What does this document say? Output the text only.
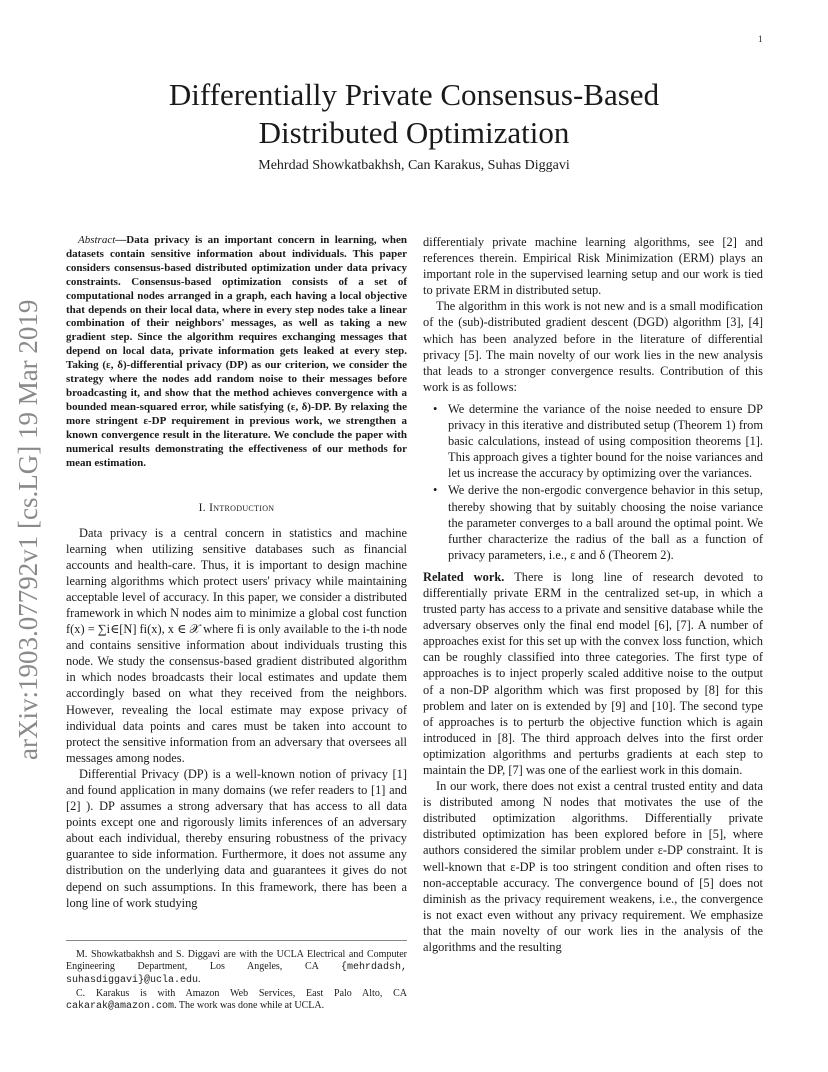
1
arXiv:1903.07792v1 [cs.LG] 19 Mar 2019
Differentially Private Consensus-Based
Distributed Optimization
Mehrdad Showkatbakhsh, Can Karakus, Suhas Diggavi

Abstract—Data privacy is an important concern in learning, when datasets contain sensitive information about individuals. This paper considers consensus-based distributed optimization under data privacy constraints. Consensus-based optimization consists of a set of computational nodes arranged in a graph, each having a local objective that depends on their local data, where in every step nodes take a linear combination of their neighbors' messages, as well as taking a new gradient step. Since the algorithm requires exchanging messages that depend on local data, private information gets leaked at every step. Taking (ε, δ)-differential privacy (DP) as our criterion, we consider the strategy where the nodes add random noise to their messages before broadcasting it, and show that the method achieves convergence with a bounded mean-squared error, while satisfying (ε, δ)-DP. By relaxing the more stringent ε-DP requirement in previous work, we strengthen a known convergence result in the literature. We conclude the paper with numerical results demonstrating the effectiveness of our methods for mean estimation.

I. Introduction

Data privacy is a central concern in statistics and machine learning when utilizing sensitive databases such as financial accounts and health-care. Thus, it is important to design machine learning algorithms which protect users' privacy while maintaining acceptable level of accuracy. In this paper, we consider a distributed framework in which N nodes aim to minimize a global cost function f(x) = ∑i∈[N] fi(x), x ∈ 𝒳 where fi is only available to the i-th node and contains sensitive information about individuals trusting this node. We study the consensus-based gradient distributed algorithm in which nodes broadcasts their local estimates and update them accordingly based on what they received from the neighbors. However, revealing the local estimate may expose privacy of individual data points and cares must be taken into account to protect the sensitive information from an adversary that oversees all messages among nodes.

Differential Privacy (DP) is a well-known notion of privacy [1] and found application in many domains (we refer readers to [1] and [2] ). DP assumes a strong adversary that has access to all data points except one and rigorously limits inferences of an adversary about each individual, thereby ensuring robustness of the privacy guarantee to side information. Furthermore, it does not assume any distribution on the underlying data and guarantees it gives do not depend on such assumptions. In this framework, there has been a long line of work studying

differentialy private machine learning algorithms, see [2] and references therein. Empirical Risk Minimization (ERM) plays an important role in the supervised learning setup and our work is tied to private ERM in distributed setup.

The algorithm in this work is not new and is a small modification of the (sub)-distributed gradient descent (DGD) algorithm [3], [4] which has been analyzed before in the literature of differential privacy [5]. The main novelty of our work lies in the new analysis that leads to a stronger convergence results. Contribution of this work is as follows:

• We determine the variance of the noise needed to ensure DP privacy in this iterative and distributed setup (Theorem 1) from basic calculations, instead of using composition theorems [1]. This approach gives a tighter bound for the noise variances and let us increase the accuracy by optimizing over the variances.
• We derive the non-ergodic convergence behavior in this setup, thereby showing that by suitably choosing the noise variance the parameter converges to a ball around the optimal point. We further characterize the radius of the ball as a function of privacy parameters, i.e., ε and δ (Theorem 2).

Related work. There is long line of research devoted to differentially private ERM in the centralized set-up, in which a trusted party has access to a private and sensitive database while the adversary observes only the final end model [6], [7]. A number of approaches exist for this set up with the convex loss function, which can be roughly classified into three categories. The first type of approaches is to inject properly scaled additive noise to the output of a non-DP algorithm which was first proposed by [8] for this problem and later on is extended by [9] and [10]. The second type of approaches is to perturb the objective function which is again introduced in [8]. The third approach delves into the first order optimization algorithms and perturbs gradients at each step to maintain the DP, [7] was one of the earliest work in this domain.

In our work, there does not exist a central trusted entity and data is distributed among N nodes that motivates the use of the distributed optimization algorithms. Differentially private distributed optimization has been explored before in [5], where authors considered the similar problem under ε-DP constraint. It is well-known that ε-DP is too stringent condition and often rises to non-acceptable accuracy. The convergence bound of [5] does not diminish as the privacy requirement weakens, i.e., the convergence is not exact even without any privacy requirement. We emphasize that the main novelty of our work lies in the analysis of the algorithms and the resulting

M. Showkatbakhsh and S. Diggavi are with the UCLA Electrical and Computer Engineering Department, Los Angeles, CA {mehrdadsh, suhasdiggavi}@ucla.edu.

C. Karakus is with Amazon Web Services, East Palo Alto, CA cakarak@amazon.com. The work was done while at UCLA.
